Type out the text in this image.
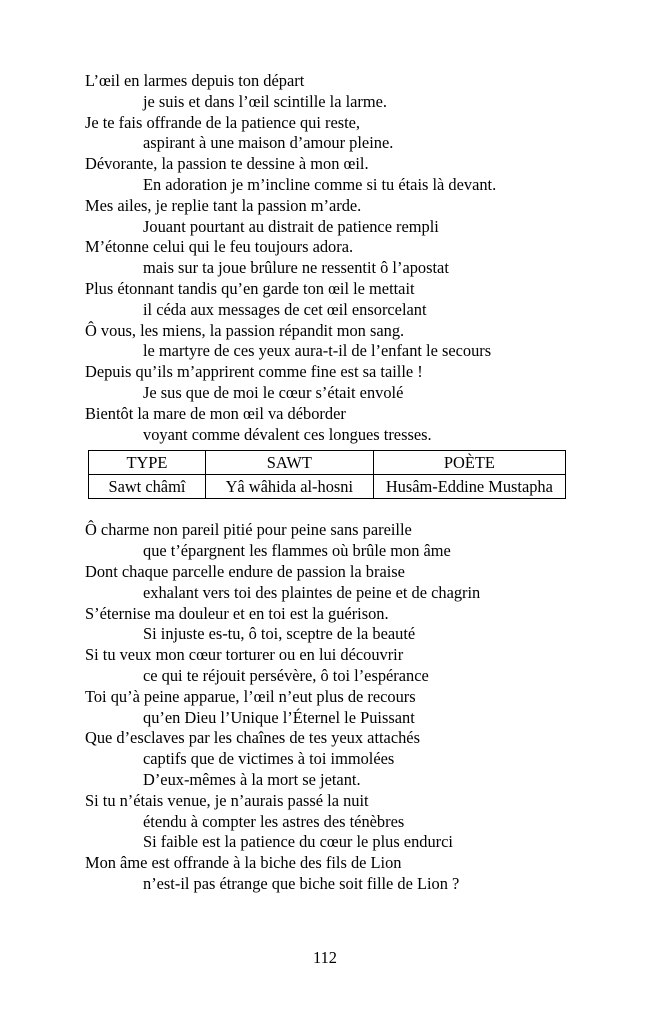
L’œil en larmes depuis ton départ
je suis et dans l’œil scintille la larme.
Je te fais offrande de la patience qui reste,
aspirant à une maison d’amour pleine.
Dévorante, la passion te dessine à mon œil.
En adoration je m’incline comme si tu étais là devant.
Mes ailes, je replie tant la passion m’arde.
Jouant pourtant au distrait de patience rempli
M’étonne celui qui le feu toujours adora.
mais sur ta joue brûlure ne ressentit ô l’apostat
Plus étonnant tandis qu’en garde ton œil le mettait
il céda aux messages de cet œil ensorcelant
Ô vous, les miens, la passion répandit mon sang.
le martyre de ces yeux aura-t-il de l’enfant le secours
Depuis qu’ils m’apprirent comme fine est sa taille !
Je sus que de moi le cœur s’était envolé
Bientôt la mare de mon œil va déborder
voyant comme dévalent ces longues tresses.
TYPE	SAWT	POÈTE
Sawt châmî	Yâ wâhida al-hosni	Husâm-Eddine Mustapha
Ô charme non pareil pitié pour peine sans pareille
que t’épargnent les flammes où brûle mon âme
Dont chaque parcelle endure de passion la braise
exhalant vers toi des plaintes de peine et de chagrin
S’éternise ma douleur et en toi est la guérison.
Si injuste es-tu, ô toi, sceptre de la beauté
Si tu veux mon cœur torturer ou en lui découvrir
ce qui te réjouit persévère, ô toi l’espérance
Toi qu’à peine apparue, l’œil n’eut plus de recours
qu’en Dieu l’Unique l’Éternel le Puissant
Que d’esclaves par les chaînes de tes yeux attachés
captifs que de victimes à toi immolées
D’eux-mêmes à la mort se jetant.
Si tu n’étais venue, je n’aurais passé la nuit
étendu à compter les astres des ténèbres
Si faible est la patience du cœur le plus endurci
Mon âme est offrande à la biche des fils de Lion
n’est-il pas étrange que biche soit fille de Lion ?
112
